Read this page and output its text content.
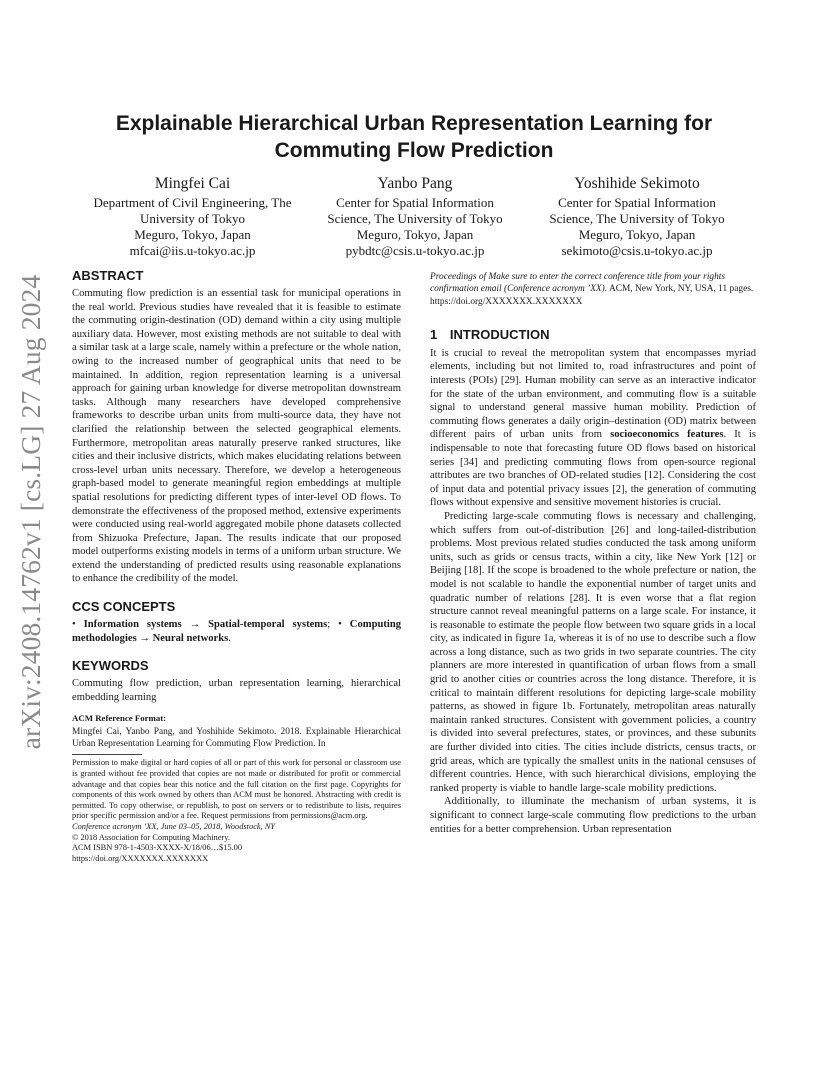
arXiv:2408.14762v1 [cs.LG] 27 Aug 2024
Explainable Hierarchical Urban Representation Learning for Commuting Flow Prediction
Mingfei Cai
Department of Civil Engineering, The University of Tokyo
Meguro, Tokyo, Japan
mfcai@iis.u-tokyo.ac.jp
Yanbo Pang
Center for Spatial Information Science, The University of Tokyo
Meguro, Tokyo, Japan
pybdtc@csis.u-tokyo.ac.jp
Yoshihide Sekimoto
Center for Spatial Information Science, The University of Tokyo
Meguro, Tokyo, Japan
sekimoto@csis.u-tokyo.ac.jp
ABSTRACT

Commuting flow prediction is an essential task for municipal operations in the real world. Previous studies have revealed that it is feasible to estimate the commuting origin-destination (OD) demand within a city using multiple auxiliary data. However, most existing methods are not suitable to deal with a similar task at a large scale, namely within a prefecture or the whole nation, owing to the increased number of geographical units that need to be maintained. In addition, region representation learning is a universal approach for gaining urban knowledge for diverse metropolitan downstream tasks. Although many researchers have developed comprehensive frameworks to describe urban units from multi-source data, they have not clarified the relationship between the selected geographical elements. Furthermore, metropolitan areas naturally preserve ranked structures, like cities and their inclusive districts, which makes elucidating relations between cross-level urban units necessary. Therefore, we develop a heterogeneous graph-based model to generate meaningful region embeddings at multiple spatial resolutions for predicting different types of inter-level OD flows. To demonstrate the effectiveness of the proposed method, extensive experiments were conducted using real-world aggregated mobile phone datasets collected from Shizuoka Prefecture, Japan. The results indicate that our proposed model outperforms existing models in terms of a uniform urban structure. We extend the understanding of predicted results using reasonable explanations to enhance the credibility of the model.

CCS CONCEPTS

• Information systems → Spatial-temporal systems; • Computing methodologies → Neural networks.

KEYWORDS

Commuting flow prediction, urban representation learning, hierarchical embedding learning

ACM Reference Format:
Mingfei Cai, Yanbo Pang, and Yoshihide Sekimoto. 2018. Explainable Hierarchical Urban Representation Learning for Commuting Flow Prediction. In
Permission to make digital or hard copies of all or part of this work for personal or classroom use is granted without fee provided that copies are not made or distributed for profit or commercial advantage and that copies bear this notice and the full citation on the first page. Copyrights for components of this work owned by others than ACM must be honored. Abstracting with credit is permitted. To copy otherwise, or republish, to post on servers or to redistribute to lists, requires prior specific permission and/or a fee. Request permissions from permissions@acm.org.
Conference acronym ’XX, June 03–05, 2018, Woodstock, NY
© 2018 Association for Computing Machinery.
ACM ISBN 978-1-4503-XXXX-X/18/06…$15.00
https://doi.org/XXXXXXX.XXXXXXX

Proceedings of Make sure to enter the correct conference title from your rights confirmation email (Conference acronym ’XX). ACM, New York, NY, USA, 11 pages. https://doi.org/XXXXXXX.XXXXXXX

1 INTRODUCTION

It is crucial to reveal the metropolitan system that encompasses myriad elements, including but not limited to, road infrastructures and point of interests (POIs) [29]. Human mobility can serve as an interactive indicator for the state of the urban environment, and commuting flow is a suitable signal to understand general massive human mobility. Prediction of commuting flows generates a daily origin–destination (OD) matrix between different pairs of urban units from socioeconomics features. It is indispensable to note that forecasting future OD flows based on historical series [34] and predicting commuting flows from open-source regional attributes are two branches of OD-related studies [12]. Considering the cost of input data and potential privacy issues [2], the generation of commuting flows without expensive and sensitive movement histories is crucial.

Predicting large-scale commuting flows is necessary and challenging, which suffers from out-of-distribution [26] and long-tailed-distribution problems. Most previous related studies conducted the task among uniform units, such as grids or census tracts, within a city, like New York [12] or Beijing [18]. If the scope is broadened to the whole prefecture or nation, the model is not scalable to handle the exponential number of target units and quadratic number of relations [28]. It is even worse that a flat region structure cannot reveal meaningful patterns on a large scale. For instance, it is reasonable to estimate the people flow between two square grids in a local city, as indicated in figure 1a, whereas it is of no use to describe such a flow across a long distance, such as two grids in two separate countries. The city planners are more interested in quantification of urban flows from a small grid to another cities or countries across the long distance. Therefore, it is critical to maintain different resolutions for depicting large-scale mobility patterns, as showed in figure 1b. Fortunately, metropolitan areas naturally maintain ranked structures. Consistent with government policies, a country is divided into several prefectures, states, or provinces, and these subunits are further divided into cities. The cities include districts, census tracts, or grid areas, which are typically the smallest units in the national censuses of different countries. Hence, with such hierarchical divisions, employing the ranked property is viable to handle large-scale mobility predictions.

Additionally, to illuminate the mechanism of urban systems, it is significant to connect large-scale commuting flow predictions to the urban entities for a better comprehension. Urban representation
